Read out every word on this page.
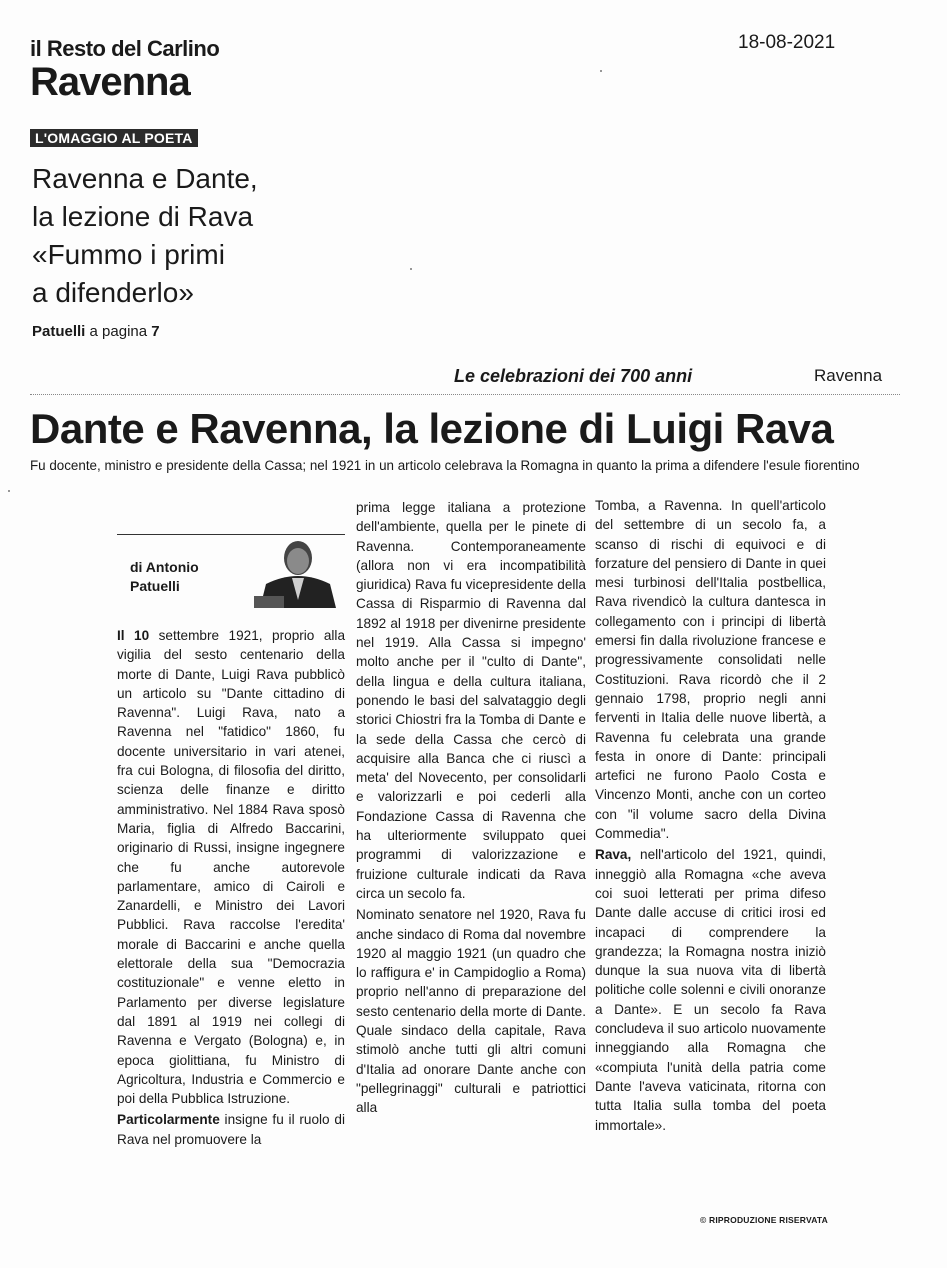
il Resto del Carlino
Ravenna
18-08-2021
L'OMAGGIO AL POETA
Ravenna e Dante,
la lezione di Rava
«Fummo i primi
a difenderlo»
Patuelli a pagina 7
Le celebrazioni dei 700 anni	Ravenna
Dante e Ravenna, la lezione di Luigi Rava
Fu docente, ministro e presidente della Cassa; nel 1921 in un articolo celebrava la Romagna in quanto la prima a difendere l'esule fiorentino
di Antonio
Patuelli

Il 10 settembre 1921, proprio alla vigilia del sesto centenario della morte di Dante, Luigi Rava pubblicò un articolo su "Dante cittadino di Ravenna". Luigi Rava, nato a Ravenna nel "fatidico" 1860, fu docente universitario in vari atenei, fra cui Bologna, di filosofia del diritto, scienza delle finanze e diritto amministrativo. Nel 1884 Rava sposò Maria, figlia di Alfredo Baccarini, originario di Russi, insigne ingegnere che fu anche autorevole parlamentare, amico di Cairoli e Zanardelli, e Ministro dei Lavori Pubblici. Rava raccolse l'eredita' morale di Baccarini e anche quella elettorale della sua "Democrazia costituzionale" e venne eletto in Parlamento per diverse legislature dal 1891 al 1919 nei collegi di Ravenna e Vergato (Bologna) e, in epoca giolittiana, fu Ministro di Agricoltura, Industria e Commercio e poi della Pubblica Istruzione.

Particolarmente insigne fu il ruolo di Rava nel promuovere la

prima legge italiana a protezione dell'ambiente, quella per le pinete di Ravenna. Contemporaneamente (allora non vi era incompatibilità giuridica) Rava fu vicepresidente della Cassa di Risparmio di Ravenna dal 1892 al 1918 per divenirne presidente nel 1919. Alla Cassa si impegno' molto anche per il "culto di Dante", della lingua e della cultura italiana, ponendo le basi del salvataggio degli storici Chiostri fra la Tomba di Dante e la sede della Cassa che cercò di acquisire alla Banca che ci riuscì a meta' del Novecento, per consolidarli e valorizzarli e poi cederli alla Fondazione Cassa di Ravenna che ha ulteriormente sviluppato quei programmi di valorizzazione e fruizione culturale indicati da Rava circa un secolo fa.

Nominato senatore nel 1920, Rava fu anche sindaco di Roma dal novembre 1920 al maggio 1921 (un quadro che lo raffigura e' in Campidoglio a Roma) proprio nell'anno di preparazione del sesto centenario della morte di Dante. Quale sindaco della capitale, Rava stimolò anche tutti gli altri comuni d'Italia ad onorare Dante anche con "pellegrinaggi" culturali e patriottici alla

Tomba, a Ravenna. In quell'articolo del settembre di un secolo fa, a scanso di rischi di equivoci e di forzature del pensiero di Dante in quei mesi turbinosi dell'Italia postbellica, Rava rivendicò la cultura dantesca in collegamento con i principi di libertà emersi fin dalla rivoluzione francese e progressivamente consolidati nelle Costituzioni. Rava ricordò che il 2 gennaio 1798, proprio negli anni ferventi in Italia delle nuove libertà, a Ravenna fu celebrata una grande festa in onore di Dante: principali artefici ne furono Paolo Costa e Vincenzo Monti, anche con un corteo con "il volume sacro della Divina Commedia".

Rava, nell'articolo del 1921, quindi, inneggiò alla Romagna «che aveva coi suoi letterati per prima difeso Dante dalle accuse di critici irosi ed incapaci di comprendere la grandezza; la Romagna nostra iniziò dunque la sua nuova vita di libertà politiche colle solenni e civili onoranze a Dante». E un secolo fa Rava concludeva il suo articolo nuovamente inneggiando alla Romagna che «compiuta l'unità della patria come Dante l'aveva vaticinata, ritorna con tutta Italia sulla tomba del poeta immortale».

© RIPRODUZIONE RISERVATA
